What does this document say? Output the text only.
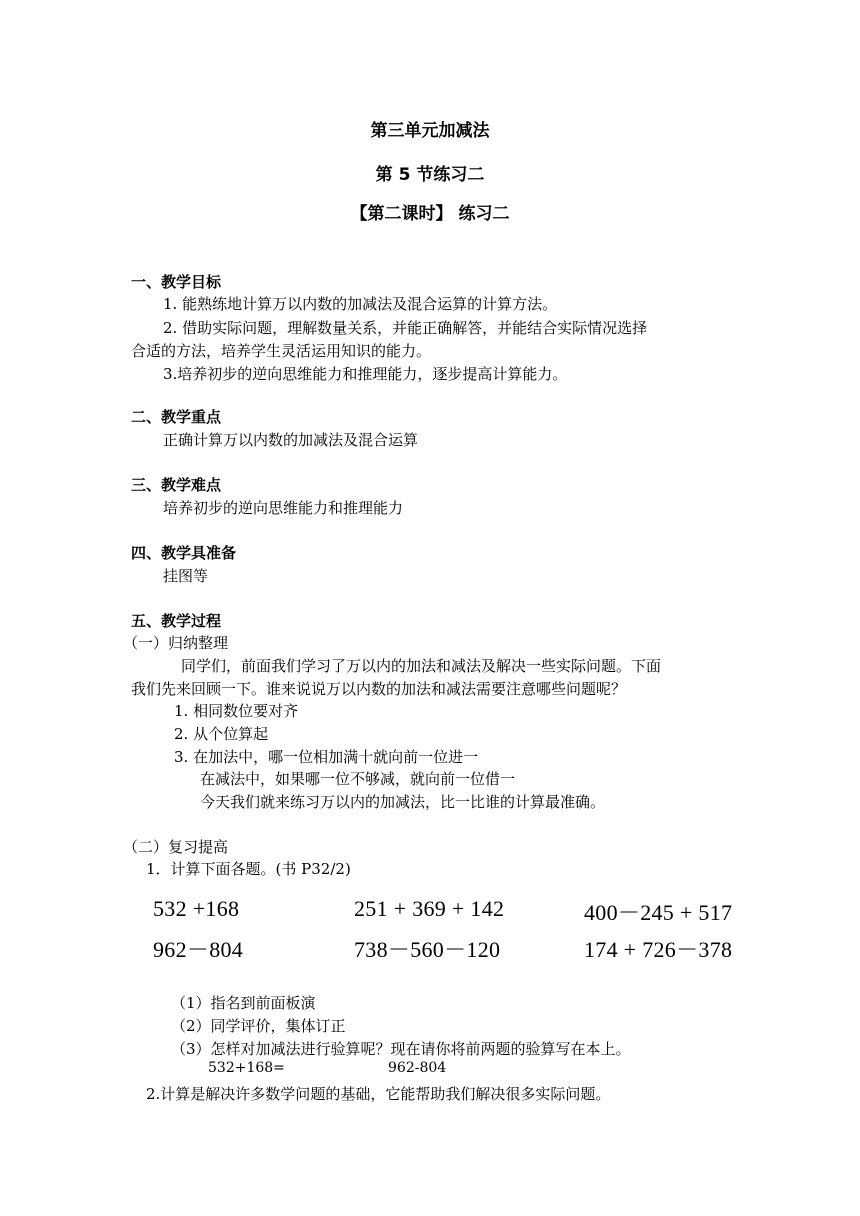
第三单元加减法
第 5 节练习二
【第二课时】 练习二
一、教学目标
1. 能熟练地计算万以内数的加减法及混合运算的计算方法。
2. 借助实际问题，理解数量关系，并能正确解答，并能结合实际情况选择
合适的方法，培养学生灵活运用知识的能力。
3.培养初步的逆向思维能力和推理能力，逐步提高计算能力。
二、教学重点
正确计算万以内数的加减法及混合运算
三、教学难点
培养初步的逆向思维能力和推理能力
四、教学具准备
挂图等
五、教学过程
（一）归纳整理
同学们，前面我们学习了万以内的加法和减法及解决一些实际问题。下面
我们先来回顾一下。谁来说说万以内数的加法和减法需要注意哪些问题呢？
1. 相同数位要对齐
2. 从个位算起
3. 在加法中，哪一位相加满十就向前一位进一
在减法中，如果哪一位不够减，就向前一位借一
今天我们就来练习万以内的加减法，比一比谁的计算最准确。
（二）复习提高
1．计算下面各题。(书 P32/2)
532 +168	251 + 369 + 142	400－245 + 517
962－804	738－560－120	174 + 726－378
（1）指名到前面板演
（2）同学评价，集体订正
（3）怎样对加减法进行验算呢？现在请你将前两题的验算写在本上。
532+168=	962-804
2.计算是解决许多数学问题的基础，它能帮助我们解决很多实际问题。
